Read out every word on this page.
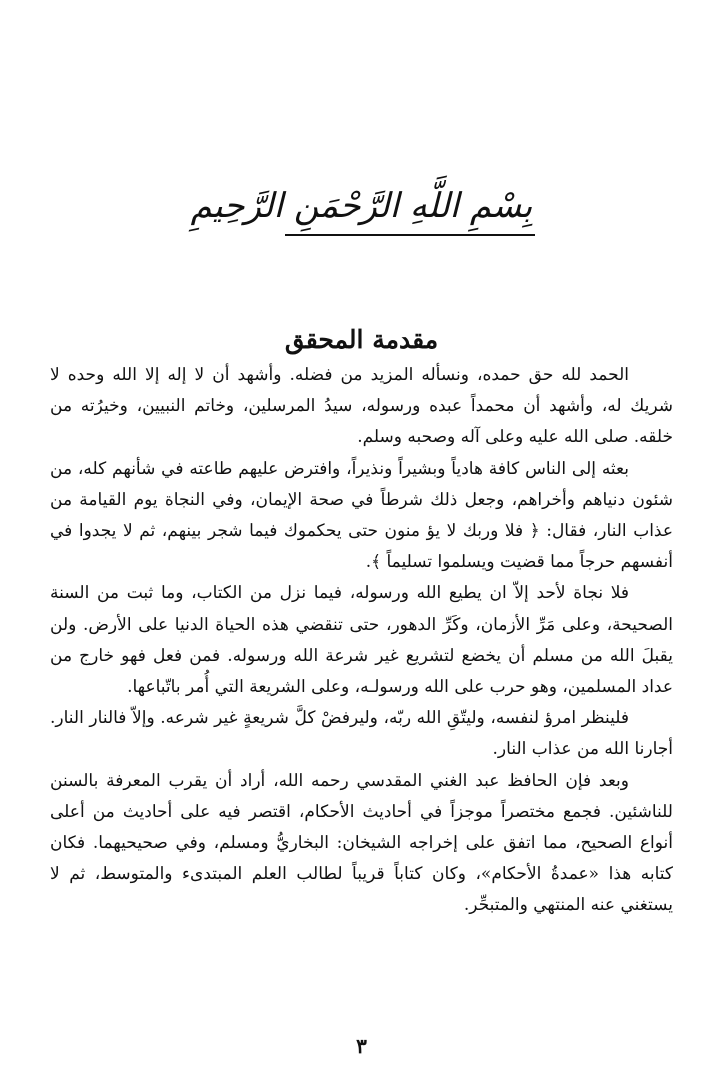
بِسْمِ اللَّهِ الرَّحْمَنِ الرَّحِيمِ
مقدمة المحقق

الحمد لله حق حمده، ونسأله المزيد من فضله. وأشهد أن لا إله إلا الله وحده لا شريك له، وأشهد أن محمداً عبده ورسوله، سيدُ المرسلين، وخاتم النبيين، وخيرُته من خلقه. صلى الله عليه وعلى آله وصحبه وسلم.

بعثه إلى الناس كافة هادياً وبشيراً ونذيراً، وافترض عليهم طاعته في شأنهم كله، من شئون دنياهم وأخراهم، وجعل ذلك شرطاً في صحة الإيمان، وفي النجاة يوم القيامة من عذاب النار، فقال: ﴿ فلا وربك لا يؤ منون حتى يحكموك فيما شجر بينهم، ثم لا يجدوا في أنفسهم حرجاً مما قضيت ويسلموا تسليماً ﴾.

فلا نجاة لأحد إلاّ ان يطيع الله ورسوله، فيما نزل من الكتاب، وما ثبت من السنة الصحيحة، وعلى مَرِّ الأزمان، وكَرِّ الدهور، حتى تنقضي هذه الحياة الدنيا على الأرض. ولن يقبلَ الله من مسلم أن يخضع لتشريع غير شرعة الله ورسوله. فمن فعل فهو خارج من عداد المسلمين، وهو حرب على الله ورسولـه، وعلى الشريعة التي أُمر باتّباعها.

فلينظر امرؤ لنفسه، وليتّقِ الله ربّه، وليرفضْ كلَّ شريعةٍ غير شرعه. وإلاّ فالنار النار. أجارنا الله من عذاب النار.

وبعد فإن الحافظ عبد الغني المقدسي رحمه الله، أراد أن يقرب المعرفة بالسنن للناشئين. فجمع مختصراً موجزاً في أحاديث الأحكام، اقتصر فيه على أحاديث من أعلى أنواع الصحيح، مما اتفق على إخراجه الشيخان: البخاريُّ ومسلم، وفي صحيحيهما. فكان كتابه هذا «عمدةُ الأحكام»، وكان كتاباً قريباً لطالب العلم المبتدىء والمتوسط، ثم لا يستغني عنه المنتهي والمتبحِّر.

٣
